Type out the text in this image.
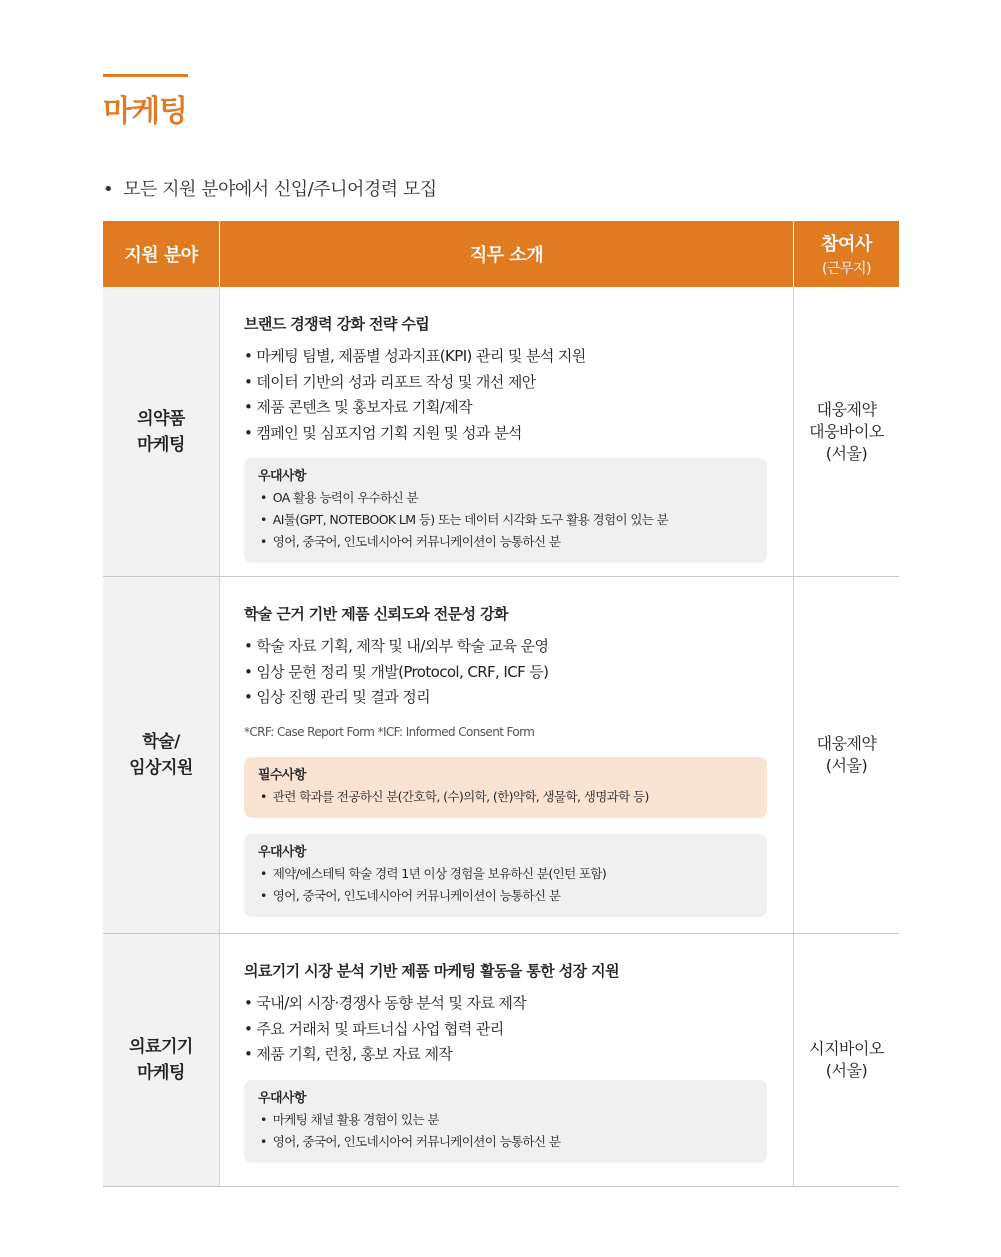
마케팅

• 모든 지원 분야에서 신입/주니어경력 모집

지원 분야	직무 소개
참여사
(근무지)
의약품
마케팅
브랜드 경쟁력 강화 전략 수립
• 마케팅 팀별, 제품별 성과지표(KPI) 관리 및 분석 지원
• 데이터 기반의 성과 리포트 작성 및 개선 제안
• 제품 콘텐츠 및 홍보자료 기획/제작
• 캠페인 및 심포지엄 기획 지원 및 성과 분석
우대사항
• OA 활용 능력이 우수하신 분
• AI툴(GPT, NOTEBOOK LM 등) 또는 데이터 시각화 도구 활용 경험이 있는 분
• 영어, 중국어, 인도네시아어 커뮤니케이션이 능통하신 분
대웅제약
대웅바이오
(서울)
학술/
임상지원
학술 근거 기반 제품 신뢰도와 전문성 강화
• 학술 자료 기획, 제작 및 내/외부 학술 교육 운영
• 임상 문헌 정리 및 개발(Protocol, CRF, ICF 등)
• 임상 진행 관리 및 결과 정리
*CRF: Case Report Form *ICF: Informed Consent Form
필수사항
• 관련 학과를 전공하신 분(간호학, (수)의학, (한)약학, 생물학, 생명과학 등)
우대사항
• 제약/에스테틱 학술 경력 1년 이상 경험을 보유하신 분(인턴 포함)
• 영어, 중국어, 인도네시아어 커뮤니케이션이 능통하신 분
대웅제약
(서울)
의료기기
마케팅
의료기기 시장 분석 기반 제품 마케팅 활동을 통한 성장 지원
• 국내/외 시장·경쟁사 동향 분석 및 자료 제작
• 주요 거래처 및 파트너십 사업 협력 관리
• 제품 기획, 런칭, 홍보 자료 제작
우대사항
• 마케팅 채널 활용 경험이 있는 분
• 영어, 중국어, 인도네시아어 커뮤니케이션이 능통하신 분
시지바이오
(서울)
